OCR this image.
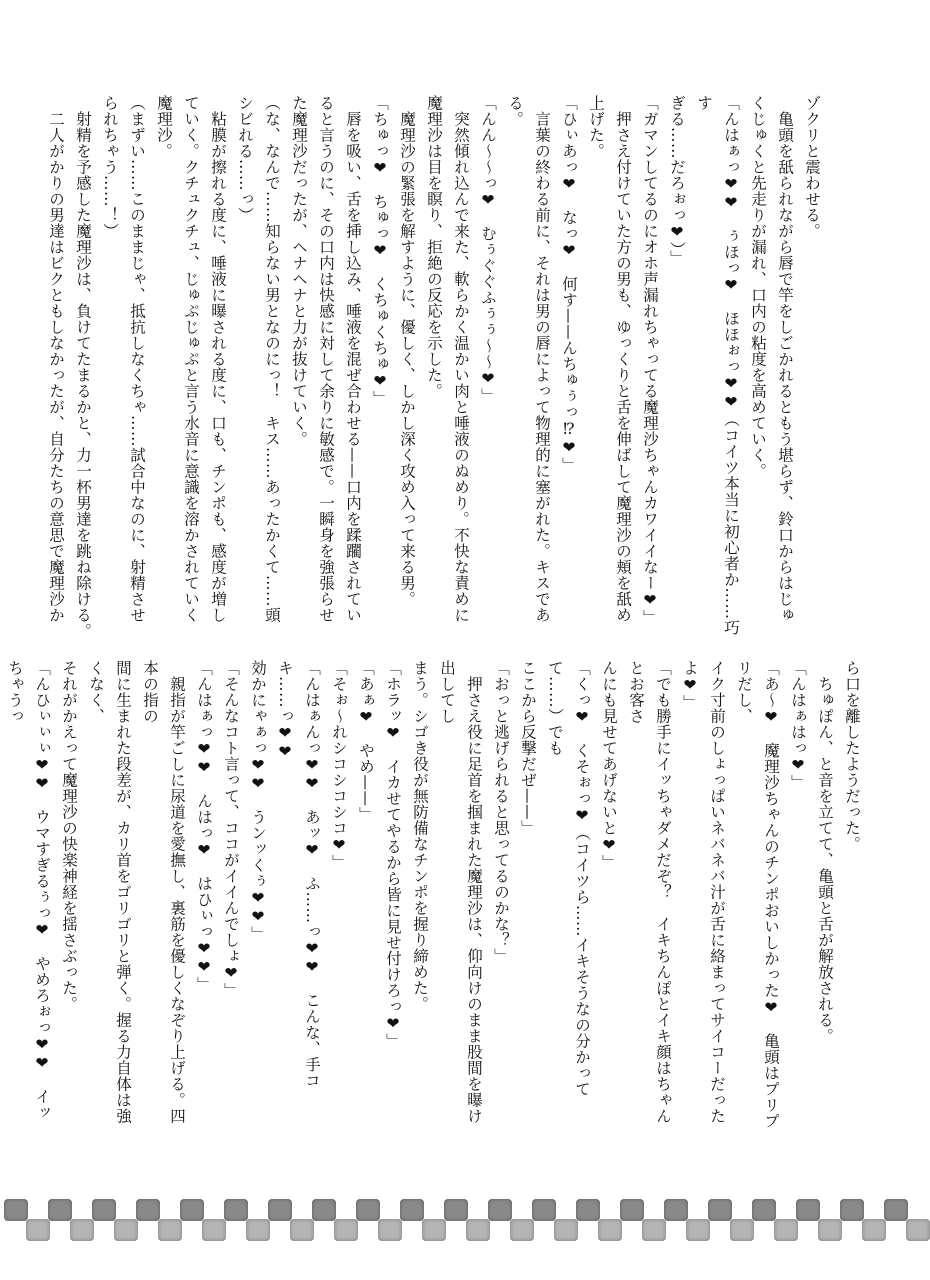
ゾクリと震わせる。
　亀頭を舐られながら唇で竿をしごかれるともう堪らず、鈴口からはじゅ
くじゅくと先走りが漏れ、口内の粘度を高めていく。
「んはぁっ❤❤　ぅほっ❤　ほほぉっ❤❤（コイツ本当に初心者か……巧す
ぎる……だろぉっ❤）」
「ガマンしてるのにオホ声漏れちゃってる魔理沙ちゃんカワイイなー❤」
　押さえ付けていた方の男も、ゆっくりと舌を伸ばして魔理沙の頬を舐め
上げた。
「ひぃあっ❤　なっ❤　何す——んちゅぅっ⁉❤」
　言葉の終わる前に、それは男の唇によって物理的に塞がれた。キスである。
「んん〜〜っ❤　むぅぐぐふぅぅ〜〜❤」
　突然傾れ込んで来た、軟らかく温かい肉と唾液のぬめり。不快な責めに
魔理沙は目を瞑り、拒絶の反応を示した。
　魔理沙の緊張を解すように、優しく、しかし深く攻め入って来る男。
「ちゅっ❤　ちゅっ❤　くちゅくちゅ❤」
　唇を吸い、舌を挿し込み、唾液を混ぜ合わせる——口内を蹂躙されてい
ると言うのに、その口内は快感に対して余りに敏感で。一瞬身を強張らせ
た魔理沙だったが、ヘナヘナと力が抜けていく。
（な、なんで……知らない男となのにっ！　キス……あったかくて……頭
シビれる……っ）
　粘膜が擦れる度に、唾液に曝される度に、口も、チンポも、感度が増し
ていく。クチュクチュ、じゅぷじゅぷと言う水音に意識を溶かされていく
魔理沙。
（まずい……このままじゃ、抵抗しなくちゃ……試合中なのに、射精させ
られちゃう……！）
　射精を予感した魔理沙は、負けてたまるかと、力一杯男達を跳ね除ける。
　二人がかりの男達はビクともしなかったが、自分たちの意思で魔理沙か
ら口を離したようだった。
　ちゅぽん、と音を立てて、亀頭と舌が解放される。
「んはぁはっ❤」
「あ〜❤　魔理沙ちゃんのチンポおいしかった❤　亀頭はプリプリだし、
イク寸前のしょっぱいネバネバ汁が舌に絡まってサイコーだったよ❤」
「でも勝手にイッちゃダメだぞ？　イキちんぽとイキ顔はちゃんとお客さ
んにも見せてあげないと❤」
「くっ❤　くそぉっ❤（コイツら……イキそうなの分かってて……）でも
ここから反撃だぜ——」
「おっと逃げられると思ってるのかな？」
　押さえ役に足首を掴まれた魔理沙は、仰向けのまま股間を曝け出してし
まう。シゴき役が無防備なチンポを握り締めた。
「ホラッ❤　イカせてやるから皆に見せ付けろっ❤」
「あぁ❤　やめ——」
「そぉ〜れシコシコシコ❤」
「んはぁんっ❤❤　あッ❤　ふ……っ❤❤　こんな、手コキ……っ❤❤
効かにゃぁっ❤❤　うンッくぅ❤❤」
「そんなコト言って、ココがイイんでしょ❤」
「んはぁっ❤❤　んはっ❤　はひぃっ❤❤」
　親指が竿ごしに尿道を愛撫し、裏筋を優しくなぞり上げる。四本の指の
間に生まれた段差が、カリ首をゴリゴリと弾く。握る力自体は強くなく、
それがかえって魔理沙の快楽神経を揺さぶった。
「んひぃぃぃ❤❤　ウマすぎるぅっ❤　やめろぉっ❤❤　イッちゃうっ
